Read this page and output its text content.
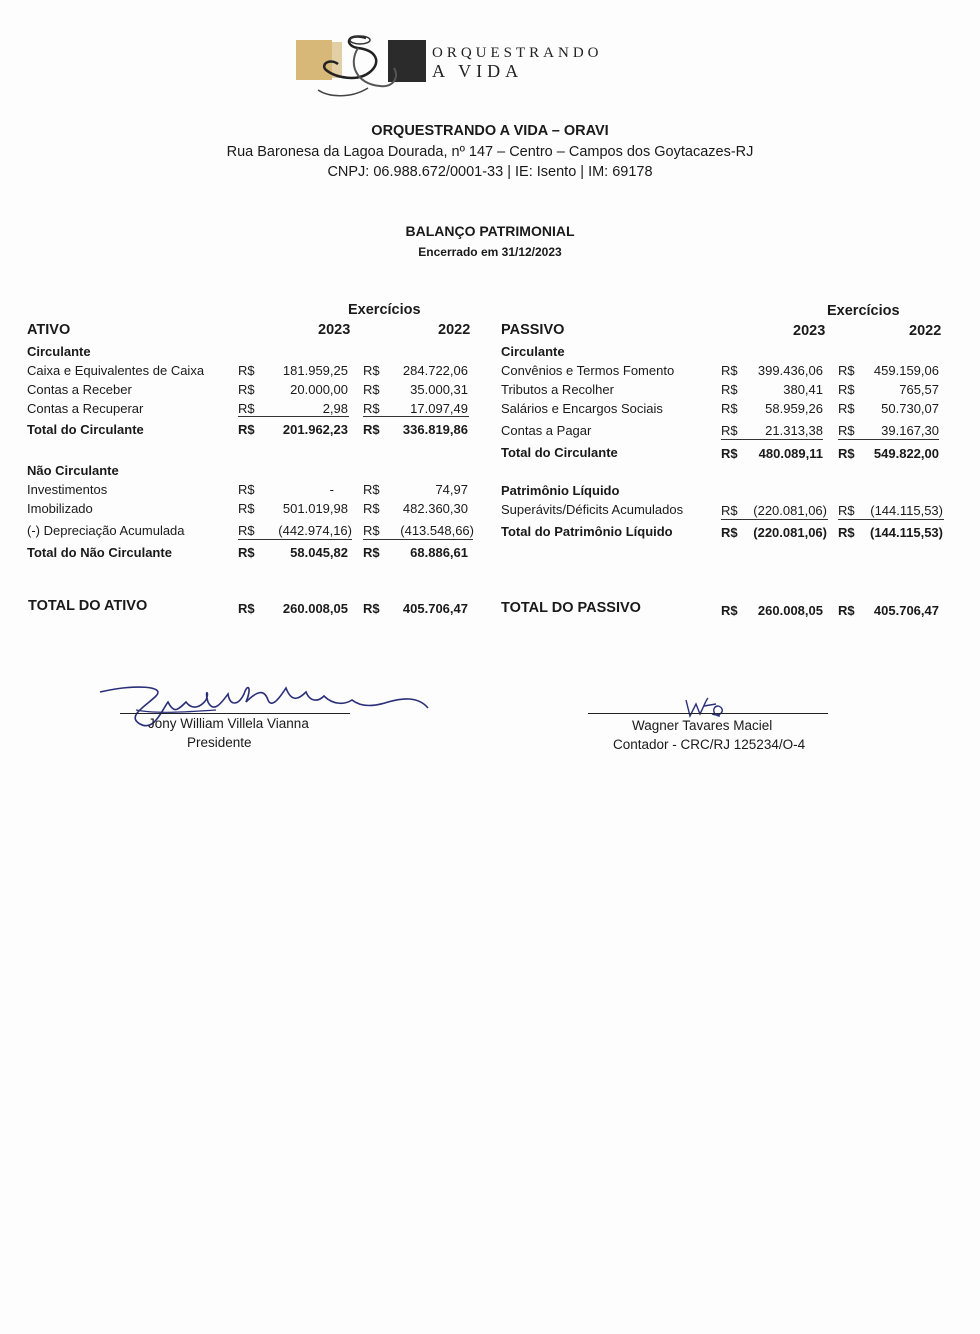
ORQUESTRANDO
A VIDA
ORQUESTRANDO A VIDA – ORAVI
Rua Baronesa da Lagoa Dourada, nº 147 – Centro – Campos dos Goytacazes-RJ
CNPJ: 06.988.672/0001-33 | IE: Isento | IM: 69178
BALANÇO PATRIMONIAL
Encerrado em 31/12/2023
Exercícios
ATIVO	2023	2022
Circulante
Caixa e Equivalentes de Caixa	R$	181.959,25 R$	284.722,06
Contas a Receber	R$	20.000,00 R$	35.000,31
Contas a Recuperar	R$	2,98 R$	17.097,49
Total do Circulante	R$	201.962,23 R$	336.819,86
Não Circulante
Investimentos	R$	- R$	74,97
Imobilizado	R$	501.019,98 R$	482.360,30
(-) Depreciação Acumulada	R$	(442.974,16) R$	(413.548,66)
Total do Não Circulante	R$	58.045,82 R$	68.886,61
TOTAL DO ATIVO	R$	260.008,05 R$	405.706,47
Exercícios
PASSIVO	2023	2022
Circulante
Convênios e Termos Fomento	R$	399.436,06 R$	459.159,06
Tributos a Recolher	R$	380,41 R$	765,57
Salários e Encargos Sociais	R$	58.959,26 R$	50.730,07
Contas a Pagar	R$	21.313,38 R$	39.167,30
Total do Circulante	R$	480.089,11 R$	549.822,00
Patrimônio Líquido
Superávits/Déficits Acumulados	R$	(220.081,06) R$	(144.115,53)
Total do Patrimônio Líquido	R$	(220.081,06) R$	(144.115,53)
TOTAL DO PASSIVO	R$	260.008,05 R$	405.706,47
Jony William Villela Vianna
Presidente
Wagner Tavares Maciel
Contador - CRC/RJ 125234/O-4
